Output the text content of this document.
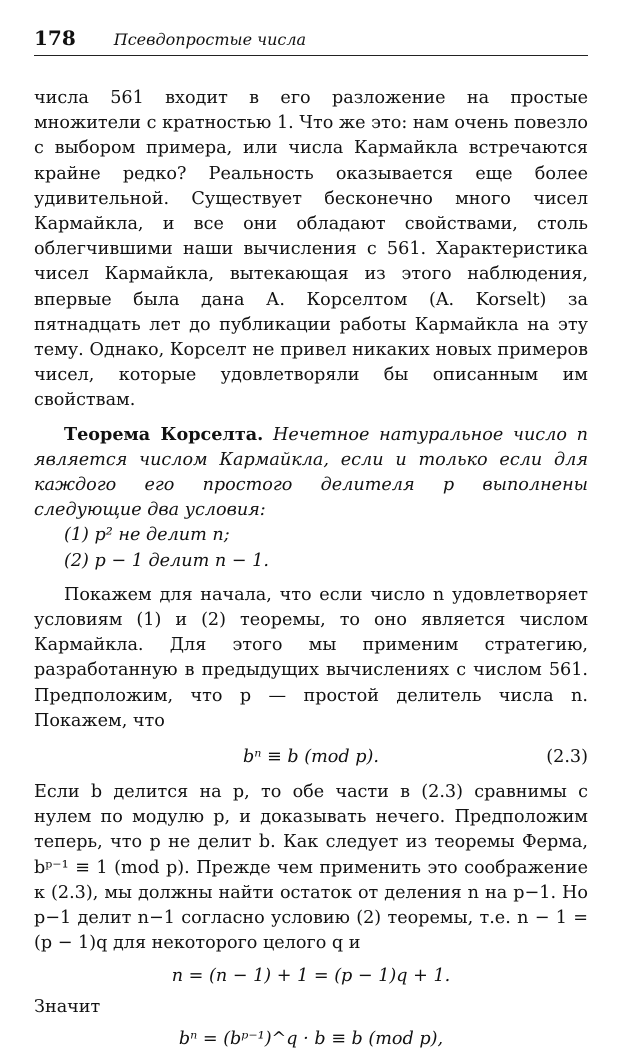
178 Псевдопростые числа

числа 561 входит в его разложение на простые множители с кратностью 1. Что же это: нам очень повезло с выбором примера, или числа Кармайкла встречаются крайне редко? Реальность оказывается еще более удивительной. Существует бесконечно много чисел Кармайкла, и все они обладают свойствами, столь облегчившими наши вычисления с 561. Характеристика чисел Кармайкла, вытекающая из этого наблюдения, впервые была дана А. Корселтом (A. Korselt) за пятнадцать лет до публикации работы Кармайкла на эту тему. Однако, Корселт не привел никаких новых примеров чисел, которые удовлетворяли бы описанным им свойствам.

Теорема Корселта. Нечетное натуральное число n является числом Кармайкла, если и только если для каждого его простого делителя p выполнены следующие два условия:

(1) p² не делит n;
(2) p − 1 делит n − 1.

Покажем для начала, что если число n удовлетворяет условиям (1) и (2) теоремы, то оно является числом Кармайкла. Для этого мы применим стратегию, разработанную в предыдущих вычислениях с числом 561. Предположим, что p — простой делитель числа n. Покажем, что

bⁿ ≡ b (mod p).	(2.3)

Если b делится на p, то обе части в (2.3) сравнимы с нулем по модулю p, и доказывать нечего. Предположим теперь, что p не делит b. Как следует из теоремы Ферма, bᵖ⁻¹ ≡ 1 (mod p). Прежде чем применить это соображение к (2.3), мы должны найти остаток от деления n на p−1. Но p−1 делит n−1 согласно условию (2) теоремы, т.е. n − 1 = (p − 1)q для некоторого целого q и

n = (n − 1) + 1 = (p − 1)q + 1.

Значит

bⁿ = (bᵖ⁻¹)^q · b ≡ b (mod p),
